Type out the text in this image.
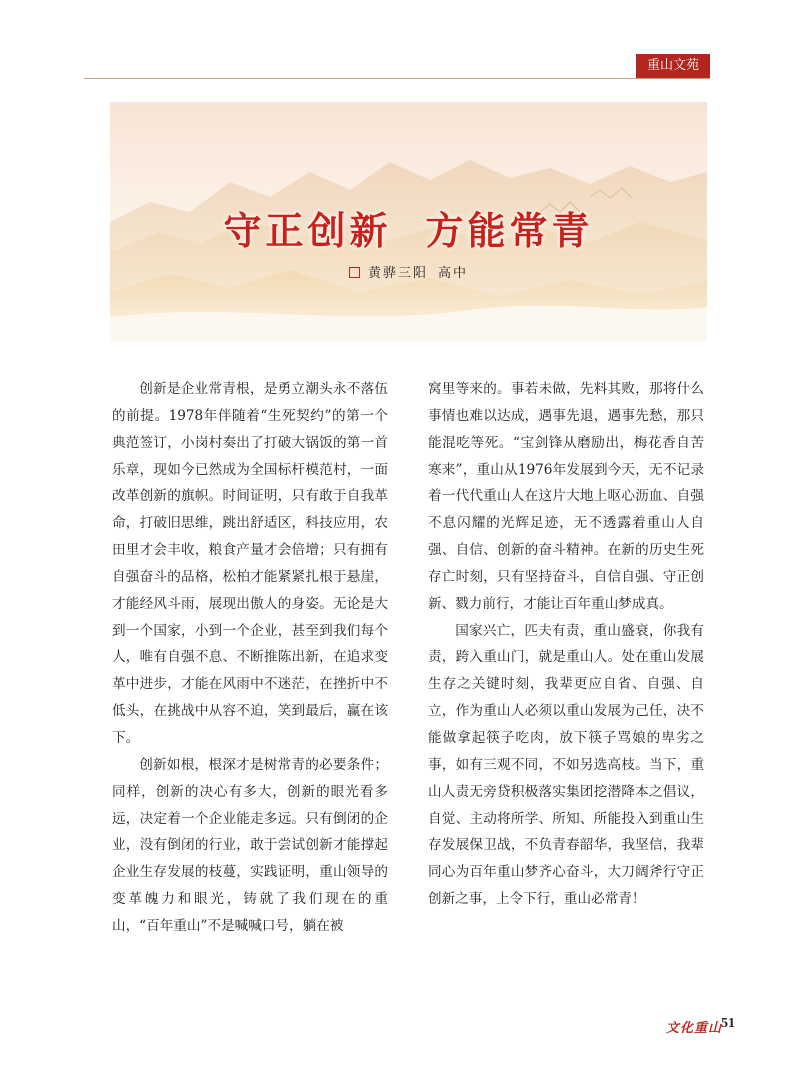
重山文苑
守正创新 方能常青
黄骅三阳 高中

创新是企业常青根，是勇立潮头永不落伍的前提。1978年伴随着“生死契约”的第一个典范签订，小岗村奏出了打破大锅饭的第一首乐章，现如今已然成为全国标杆模范村，一面改革创新的旗帜。时间证明，只有敢于自我革命，打破旧思维，跳出舒适区，科技应用，农田里才会丰收，粮食产量才会倍增；只有拥有自强奋斗的品格，松柏才能紧紧扎根于悬崖，才能经风斗雨，展现出傲人的身姿。无论是大到一个国家，小到一个企业，甚至到我们每个人，唯有自强不息、不断推陈出新，在追求变革中进步，才能在风雨中不迷茫，在挫折中不低头，在挑战中从容不迫，笑到最后，赢在该下。

创新如根，根深才是树常青的必要条件；同样，创新的决心有多大，创新的眼光看多远，决定着一个企业能走多远。只有倒闭的企业，没有倒闭的行业，敢于尝试创新才能撑起企业生存发展的枝蔓，实践证明，重山领导的变革魄力和眼光，铸就了我们现在的重山，“百年重山”不是喊喊口号，躺在被

窝里等来的。事若未做，先料其败，那将什么事情也难以达成，遇事先退，遇事先愁，那只能混吃等死。“宝剑锋从磨励出，梅花香自苦寒来”，重山从1976年发展到今天，无不记录着一代代重山人在这片大地上呕心沥血、自强不息闪耀的光辉足迹，无不透露着重山人自强、自信、创新的奋斗精神。在新的历史生死存亡时刻，只有坚持奋斗，自信自强、守正创新、戮力前行，才能让百年重山梦成真。

国家兴亡，匹夫有责，重山盛衰，你我有责，跨入重山门，就是重山人。处在重山发展生存之关键时刻，我辈更应自省、自强、自立，作为重山人必须以重山发展为己任，决不能做拿起筷子吃肉，放下筷子骂娘的卑劣之事，如有三观不同，不如另选高枝。当下，重山人责无旁贷积极落实集团挖潜降本之倡议，自觉、主动将所学、所知、所能投入到重山生存发展保卫战，不负青春韶华，我坚信，我辈同心为百年重山梦齐心奋斗，大刀阔斧行守正创新之事，上令下行，重山必常青！

文化重山
51
